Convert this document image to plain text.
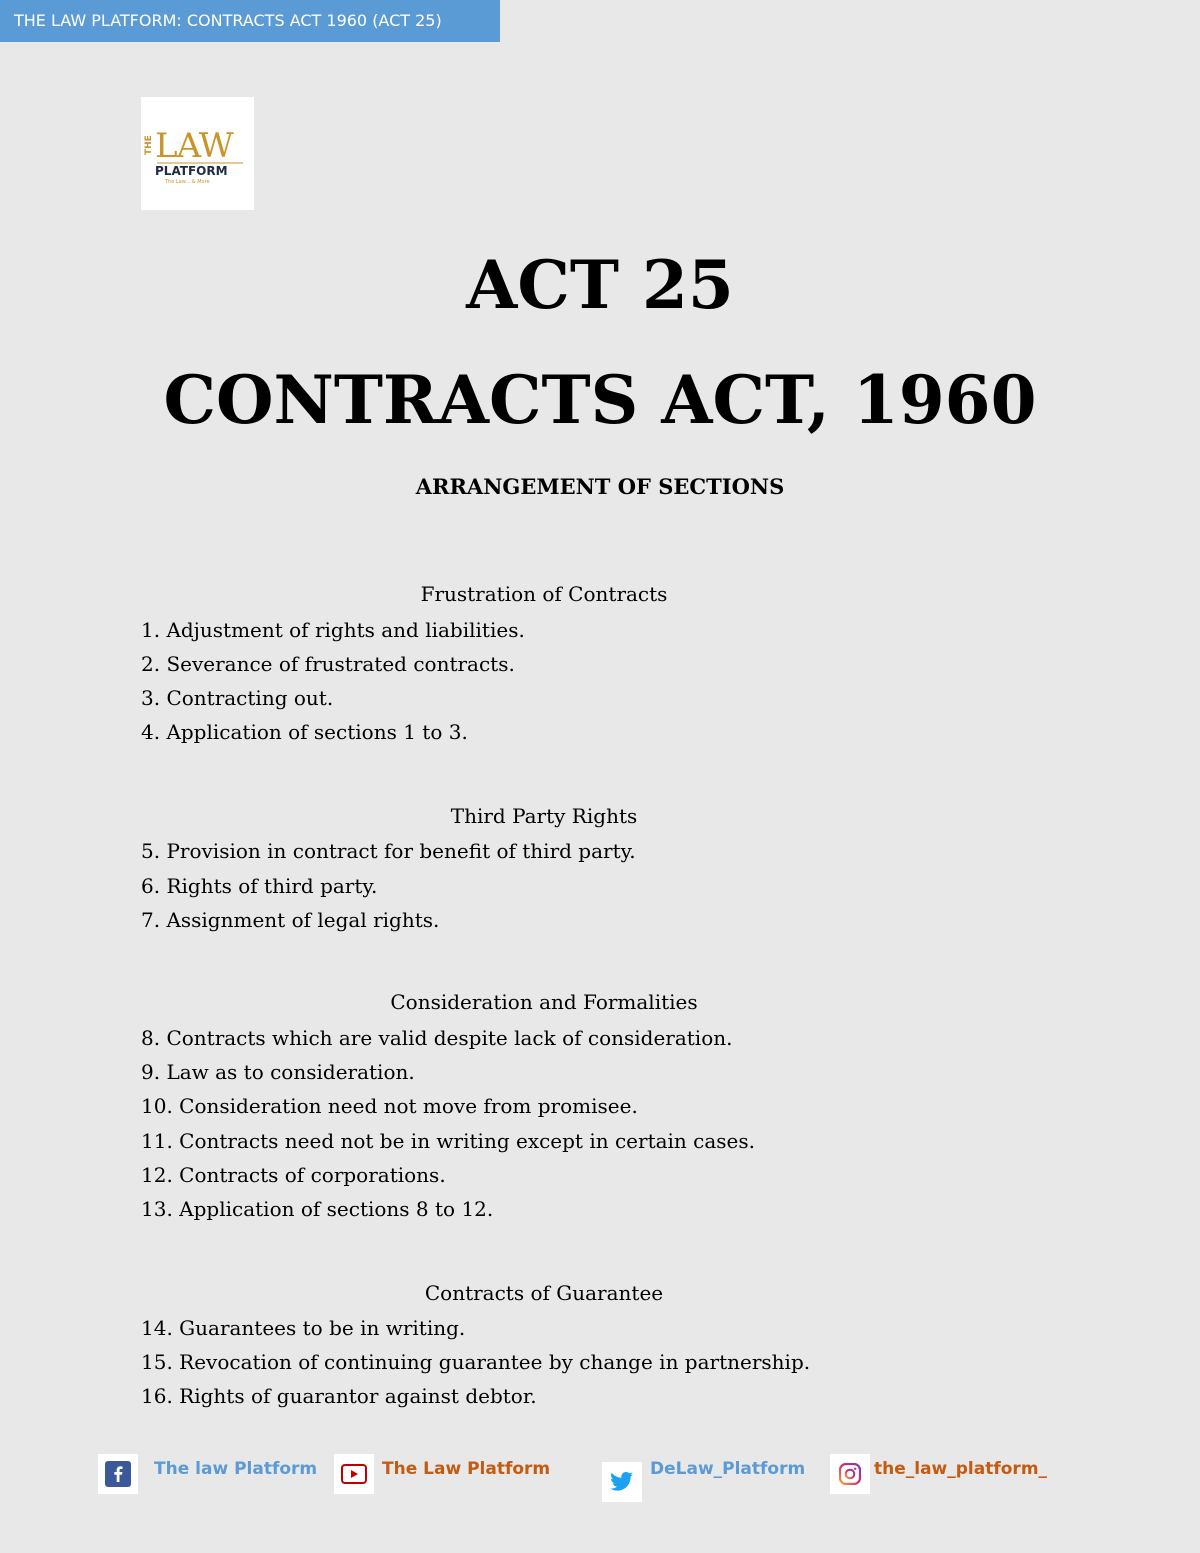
THE LAW PLATFORM: CONTRACTS ACT 1960 (ACT 25)
THE LAW
PLATFORM
The Law... & More
ACT 25
CONTRACTS ACT, 1960
ARRANGEMENT OF SECTIONS
Frustration of Contracts
1. Adjustment of rights and liabilities.
2. Severance of frustrated contracts.
3. Contracting out.
4. Application of sections 1 to 3.
Third Party Rights
5. Provision in contract for benefit of third party.
6. Rights of third party.
7. Assignment of legal rights.
Consideration and Formalities
8. Contracts which are valid despite lack of consideration.
9. Law as to consideration.
10. Consideration need not move from promisee.
11. Contracts need not be in writing except in certain cases.
12. Contracts of corporations.
13. Application of sections 8 to 12.
Contracts of Guarantee
14. Guarantees to be in writing.
15. Revocation of continuing guarantee by change in partnership.
16. Rights of guarantor against debtor.
The law Platform	The Law Platform	DeLaw_Platform	the_law_platform_
